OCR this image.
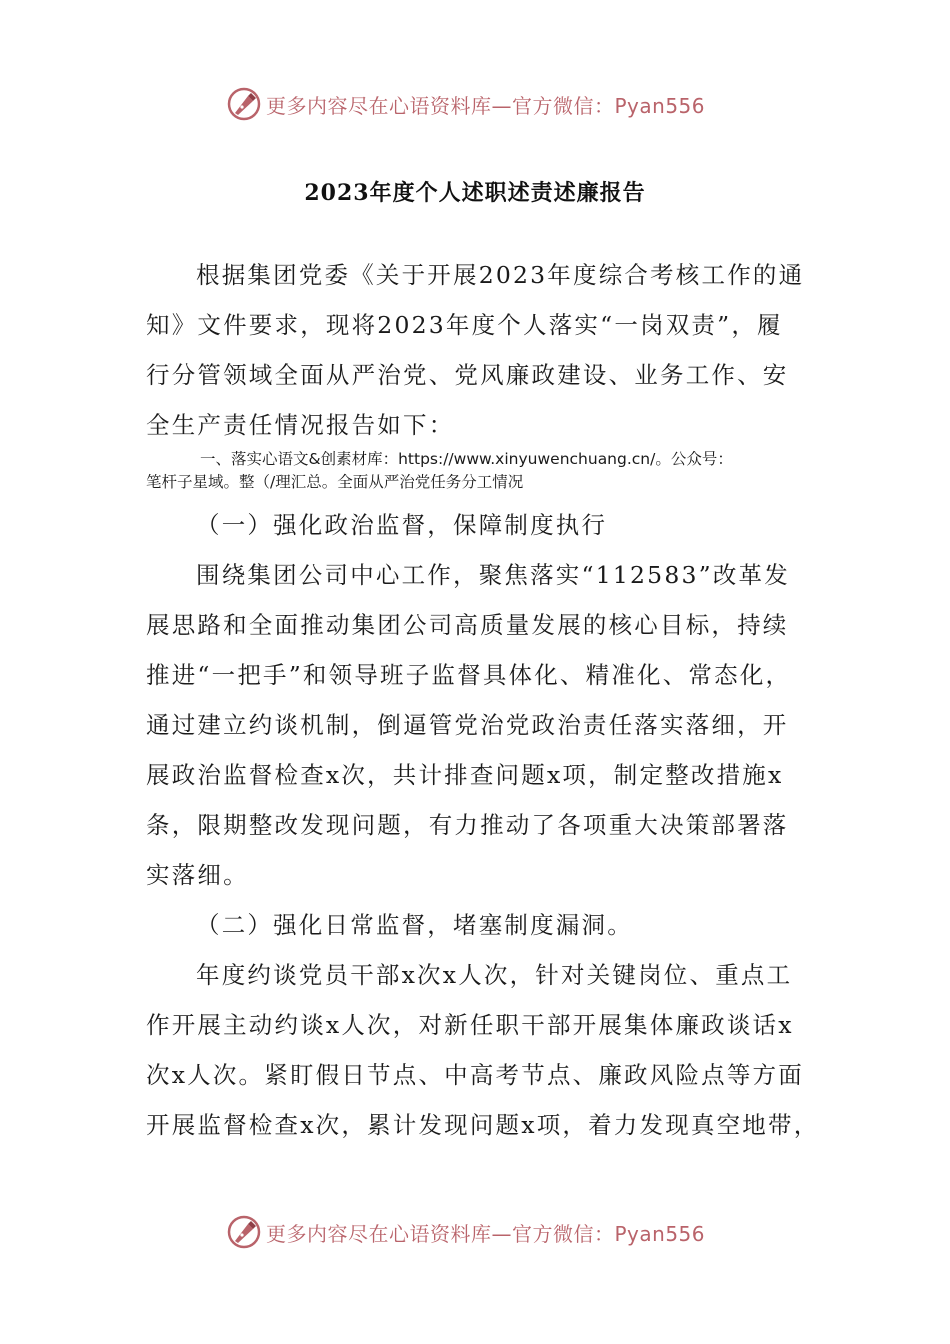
更多内容尽在心语资料库—官方微信：Pyan556
2023年度个人述职述责述廉报告
根据集团党委《关于开展2023年度综合考核工作的通
知》文件要求，现将2023年度个人落实“一岗双责”，履
行分管领域全面从严治党、党风廉政建设、业务工作、安
全生产责任情况报告如下：
一、落实心语文&创素材库：https://www.xinyuwenchuang.cn/。公众号：
笔杆子星域。整（/理汇总。全面从严治党任务分工情况
（一）强化政治监督，保障制度执行
围绕集团公司中心工作，聚焦落实“112583”改革发
展思路和全面推动集团公司高质量发展的核心目标，持续
推进“一把手”和领导班子监督具体化、精准化、常态化，
通过建立约谈机制，倒逼管党治党政治责任落实落细，开
展政治监督检查x次，共计排查问题x项，制定整改措施x
条，限期整改发现问题，有力推动了各项重大决策部署落
实落细。
（二）强化日常监督，堵塞制度漏洞。
年度约谈党员干部x次x人次，针对关键岗位、重点工
作开展主动约谈x人次，对新任职干部开展集体廉政谈话x
次x人次。紧盯假日节点、中高考节点、廉政风险点等方面
开展监督检查x次，累计发现问题x项，着力发现真空地带，
更多内容尽在心语资料库—官方微信：Pyan556
